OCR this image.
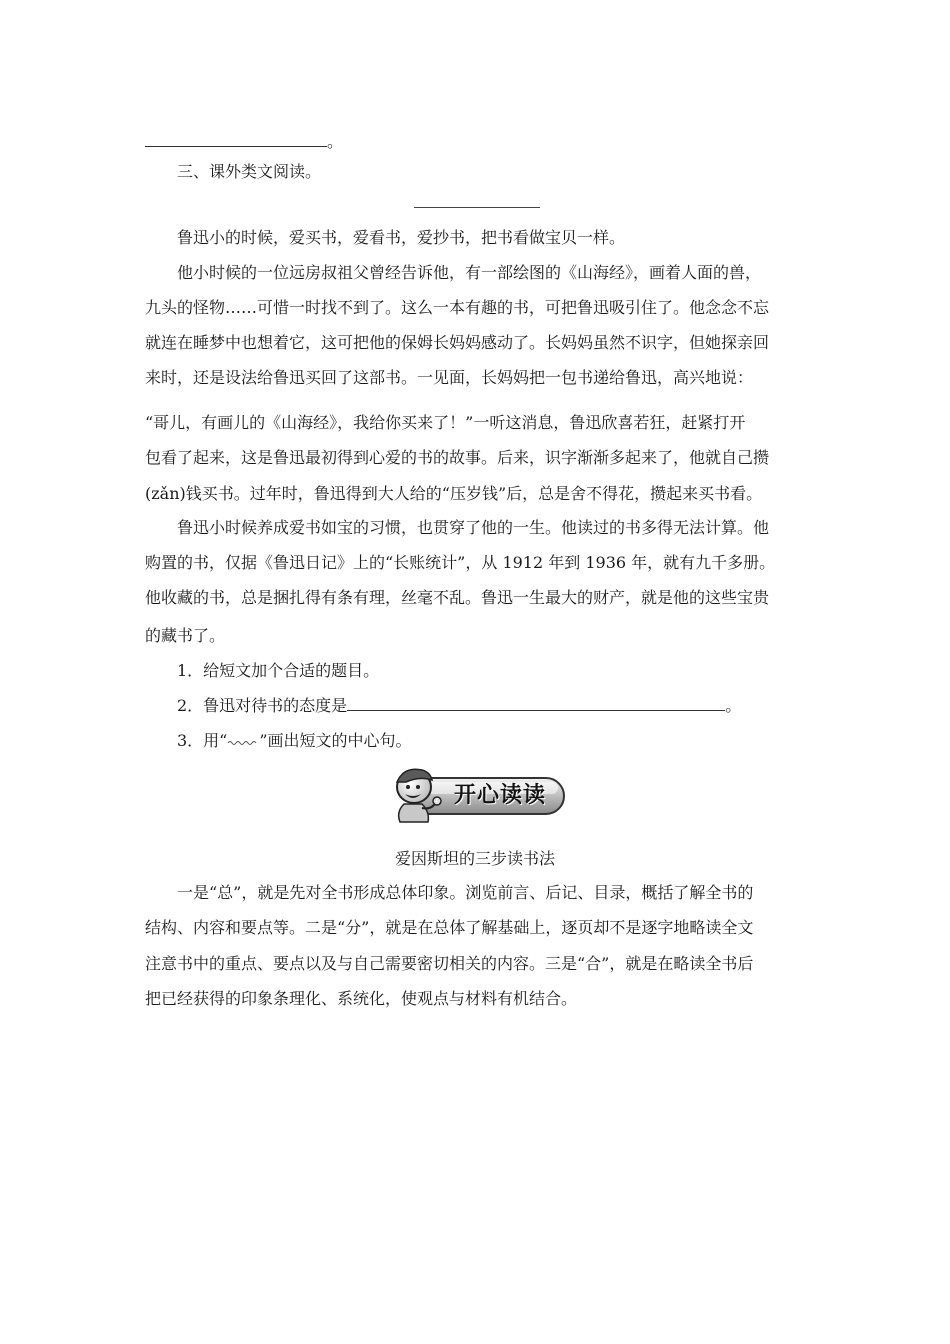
。
三、课外类文阅读。
鲁迅小的时候，爱买书，爱看书，爱抄书，把书看做宝贝一样。
他小时候的一位远房叔祖父曾经告诉他，有一部绘图的《山海经》，画着人面的兽，
九头的怪物……可惜一时找不到了。这么一本有趣的书，可把鲁迅吸引住了。他念念不忘
就连在睡梦中也想着它，这可把他的保姆长妈妈感动了。长妈妈虽然不识字，但她探亲回
来时，还是设法给鲁迅买回了这部书。一见面，长妈妈把一包书递给鲁迅，高兴地说：
“哥儿，有画儿的《山海经》，我给你买来了！”一听这消息，鲁迅欣喜若狂，赶紧打开
包看了起来，这是鲁迅最初得到心爱的书的故事。后来，识字渐渐多起来了，他就自己攒
(zǎn)钱买书。过年时，鲁迅得到大人给的“压岁钱”后，总是舍不得花，攒起来买书看。
鲁迅小时候养成爱书如宝的习惯，也贯穿了他的一生。他读过的书多得无法计算。他
购置的书，仅据《鲁迅日记》上的“长账统计”，从 1912 年到 1936 年，就有九千多册。
他收藏的书，总是捆扎得有条有理，丝毫不乱。鲁迅一生最大的财产，就是他的这些宝贵
的藏书了。
1．给短文加个合适的题目。
2．鲁迅对待书的态度是	。
3．用“ ”画出短文的中心句。
开心读读
爱因斯坦的三步读书法
一是“总”，就是先对全书形成总体印象。浏览前言、后记、目录，概括了解全书的
结构、内容和要点等。二是“分”，就是在总体了解基础上，逐页却不是逐字地略读全文
注意书中的重点、要点以及与自己需要密切相关的内容。三是“合”，就是在略读全书后
把已经获得的印象条理化、系统化，使观点与材料有机结合。
